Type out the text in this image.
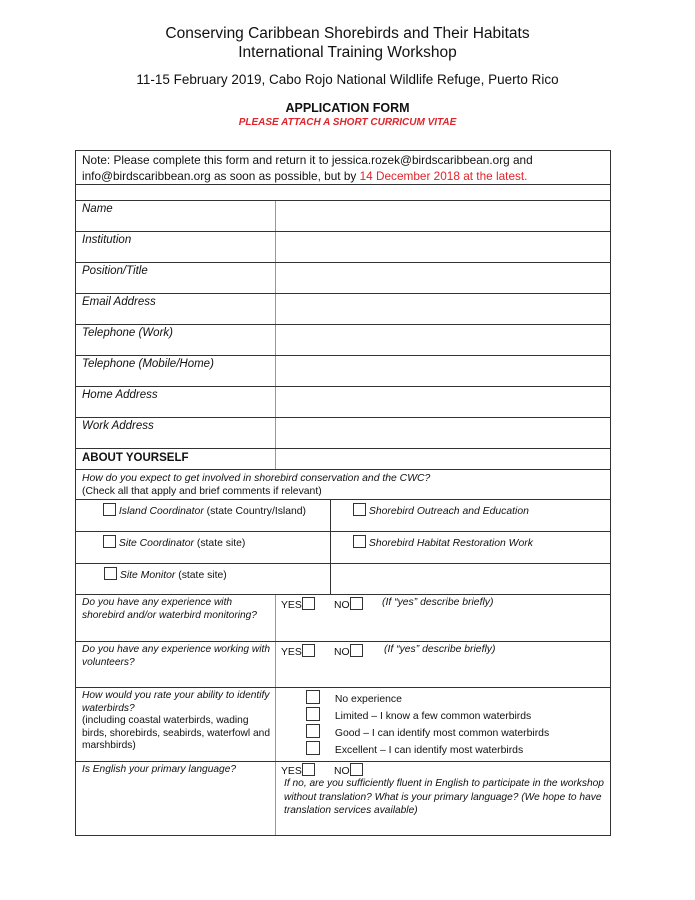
Conserving Caribbean Shorebirds and Their Habitats
International Training Workshop
11-15 February 2019, Cabo Rojo National Wildlife Refuge, Puerto Rico
APPLICATION FORM
PLEASE ATTACH A SHORT CURRICUM VITAE
Note: Please complete this form and return it to jessica.rozek@birdscaribbean.org and info@birdscaribbean.org as soon as possible, but by 14 December 2018 at the latest.
Name
Institution
Position/Title
Email Address
Telephone (Work)
Telephone (Mobile/Home)
Home Address
Work Address
ABOUT YOURSELF
How do you expect to get involved in shorebird conservation and the CWC?
(Check all that apply and brief comments if relevant)
Island Coordinator (state Country/Island)	Shorebird Outreach and Education
Site Coordinator (state site)	Shorebird Habitat Restoration Work
Site Monitor (state site)
Do you have any experience with shorebird and/or waterbird monitoring?
YES	NO	(If “yes” describe briefly)
Do you have any experience working with volunteers?
YES	NO	(If “yes” describe briefly)
How would you rate your ability to identify waterbirds?
(including coastal waterbirds, wading birds, shorebirds, seabirds, waterfowl and marshbirds)
No experience
Limited – I know a few common waterbirds
Good – I can identify most common waterbirds
Excellent – I can identify most waterbirds
Is English your primary language?	YES	NO
If no, are you sufficiently fluent in English to participate in the workshop without translation? What is your primary language? (We hope to have translation services available)
